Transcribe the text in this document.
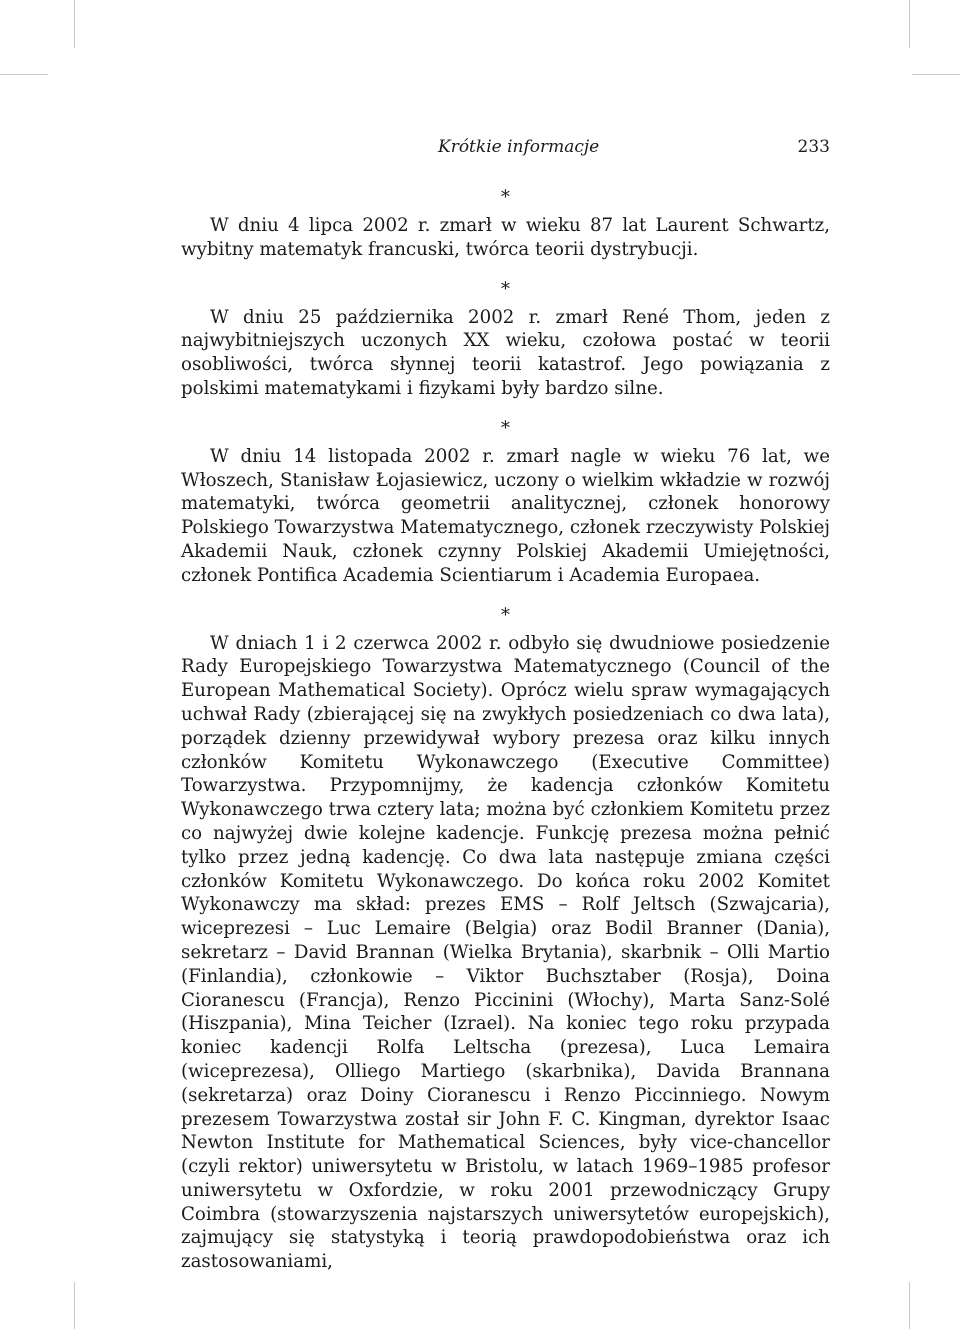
Krótkie informacje	233
∗

W dniu 4 lipca 2002 r. zmarł w wieku 87 lat Laurent Schwartz, wybitny matematyk francuski, twórca teorii dystrybucji.

∗

W dniu 25 października 2002 r. zmarł René Thom, jeden z najwybitniejszych uczonych XX wieku, czołowa postać w teorii osobliwości, twórca słynnej teorii katastrof. Jego powiązania z polskimi matematykami i fizykami były bardzo silne.

∗

W dniu 14 listopada 2002 r. zmarł nagle w wieku 76 lat, we Włoszech, Stanisław Łojasiewicz, uczony o wielkim wkładzie w rozwój matematyki, twórca geometrii analitycznej, członek honorowy Polskiego Towarzystwa Matematycznego, członek rzeczywisty Polskiej Akademii Nauk, członek czynny Polskiej Akademii Umiejętności, członek Pontifica Academia Scientiarum i Academia Europaea.

∗

W dniach 1 i 2 czerwca 2002 r. odbyło się dwudniowe posiedzenie Rady Europejskiego Towarzystwa Matematycznego (Council of the European Mathematical Society). Oprócz wielu spraw wymagających uchwał Rady (zbierającej się na zwykłych posiedzeniach co dwa lata), porządek dzienny przewidywał wybory prezesa oraz kilku innych członków Komitetu Wykonawczego (Executive Committee) Towarzystwa. Przypomnijmy, że kadencja członków Komitetu Wykonawczego trwa cztery lata; można być członkiem Komitetu przez co najwyżej dwie kolejne kadencje. Funkcję prezesa można pełnić tylko przez jedną kadencję. Co dwa lata następuje zmiana części członków Komitetu Wykonawczego. Do końca roku 2002 Komitet Wykonawczy ma skład: prezes EMS – Rolf Jeltsch (Szwajcaria), wiceprezesi – Luc Lemaire (Belgia) oraz Bodil Branner (Dania), sekretarz – David Brannan (Wielka Brytania), skarbnik – Olli Martio (Finlandia), członkowie – Viktor Buchsztaber (Rosja), Doina Cioranescu (Francja), Renzo Piccinini (Włochy), Marta Sanz-Solé (Hiszpania), Mina Teicher (Izrael). Na koniec tego roku przypada koniec kadencji Rolfa Leltscha (prezesa), Luca Lemaira (wiceprezesa), Olliego Martiego (skarbnika), Davida Brannana (sekretarza) oraz Doiny Cioranescu i Renzo Piccinniego. Nowym prezesem Towarzystwa został sir John F. C. Kingman, dyrektor Isaac Newton Institute for Mathematical Sciences, były vice-chancellor (czyli rektor) uniwersytetu w Bristolu, w latach 1969–1985 profesor uniwersytetu w Oxfordzie, w roku 2001 przewodniczący Grupy Coimbra (stowarzyszenia najstarszych uniwersytetów europejskich), zajmujący się statystyką i teorią prawdopodobieństwa oraz ich zastosowaniami,
